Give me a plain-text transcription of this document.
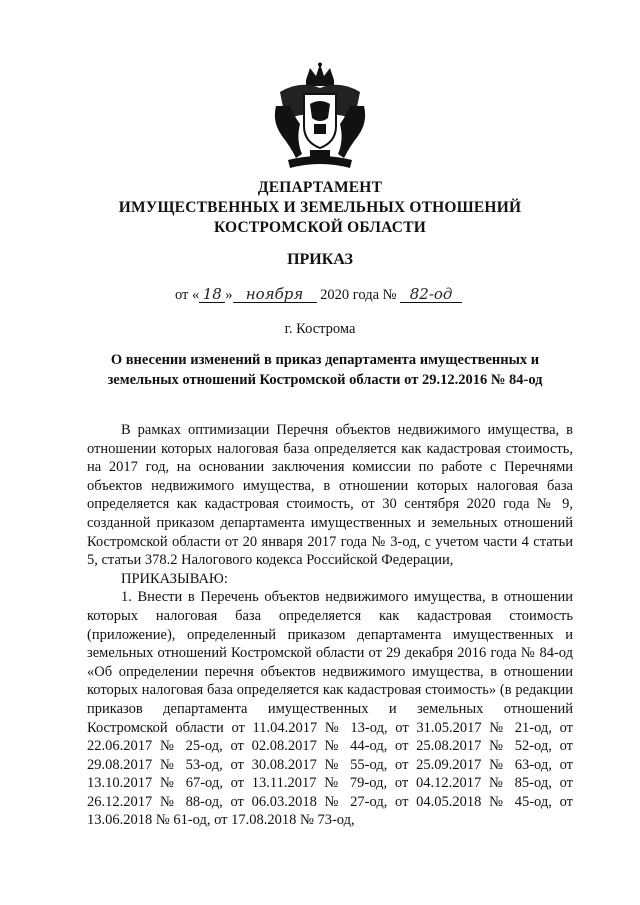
ДЕПАРТАМЕНТ
ИМУЩЕСТВЕННЫХ И ЗЕМЕЛЬНЫХ ОТНОШЕНИЙ
КОСТРОМСКОЙ ОБЛАСТИ
ПРИКАЗ
от « 18 » ноября 2020 года № 82-од
г. Кострома
О внесении изменений в приказ департамента имущественных и земельных отношений Костромской области от 29.12.2016 № 84-од

В рамках оптимизации Перечня объектов недвижимого имущества, в отношении которых налоговая база определяется как кадастровая стоимость, на 2017 год, на основании заключения комиссии по работе с Перечнями объектов недвижимого имущества, в отношении которых налоговая база определяется как кадастровая стоимость, от 30 сентября 2020 года № 9, созданной приказом департамента имущественных и земельных отношений Костромской области от 20 января 2017 года № 3-од, с учетом части 4 статьи 5, статьи 378.2 Налогового кодекса Российской Федерации,

ПРИКАЗЫВАЮ:

1. Внести в Перечень объектов недвижимого имущества, в отношении которых налоговая база определяется как кадастровая стоимость (приложение), определенный приказом департамента имущественных и земельных отношений Костромской области от 29 декабря 2016 года № 84-од «Об определении перечня объектов недвижимого имущества, в отношении которых налоговая база определяется как кадастровая стоимость» (в редакции приказов департамента имущественных и земельных отношений Костромской области от 11.04.2017 № 13-од, от 31.05.2017 № 21-од, от 22.06.2017 № 25-од, от 02.08.2017 № 44-од, от 25.08.2017 № 52-од, от 29.08.2017 № 53-од, от 30.08.2017 № 55-од, от 25.09.2017 № 63-од, от 13.10.2017 № 67-од, от 13.11.2017 № 79-од, от 04.12.2017 № 85-од, от 26.12.2017 № 88-од, от 06.03.2018 № 27-од, от 04.05.2018 № 45-од, от 13.06.2018 № 61-од, от 17.08.2018 № 73-од,
